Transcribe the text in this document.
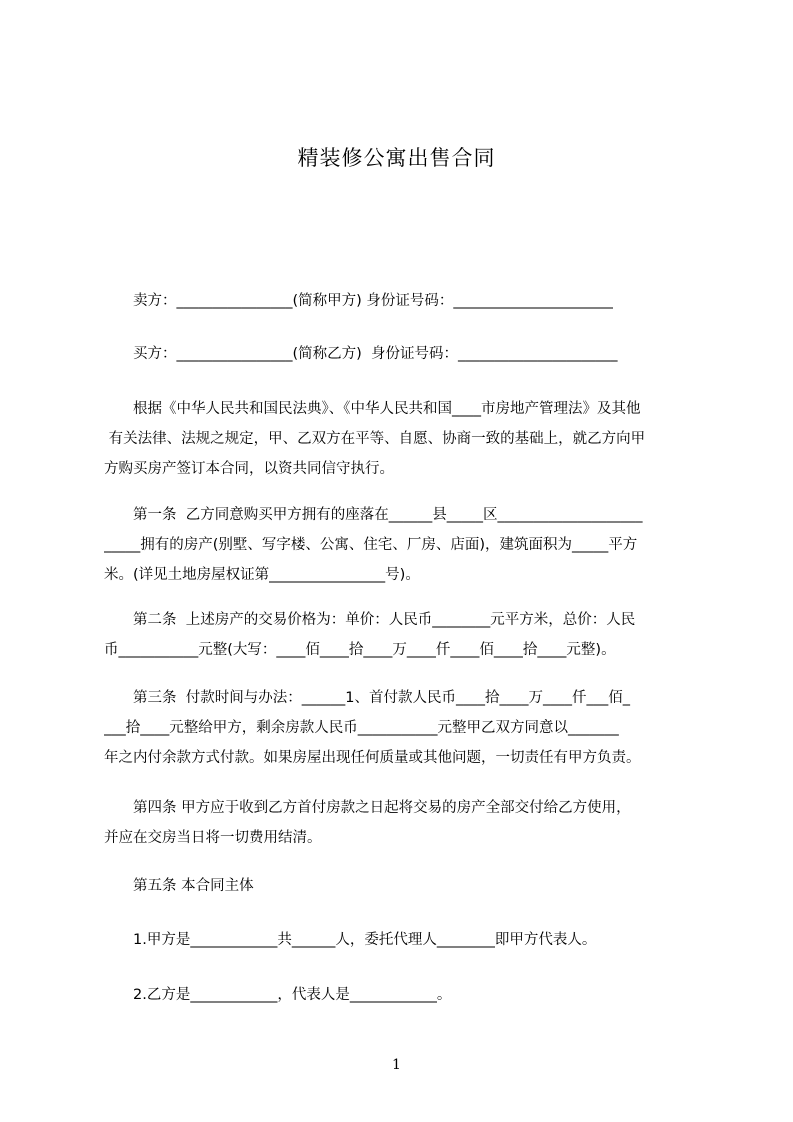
精装修公寓出售合同

　　卖方：________________(简称甲方) 身份证号码：______________________

　　买方：________________(简称乙方)  身份证号码：______________________

　　根据《中华人民共和国民法典》、《中华人民共和国____市房地产管理法》及其他
有关法律、法规之规定，甲、乙双方在平等、自愿、协商一致的基础上，就乙方向甲
方购买房产签订本合同，以资共同信守执行。

　　第一条  乙方同意购买甲方拥有的座落在______县_____区____________________
_____拥有的房产(别墅、写字楼、公寓、住宅、厂房、店面)，建筑面积为_____平方
米。(详见土地房屋权证第________________号)。

　　第二条  上述房产的交易价格为：单价：人民币________元平方米，总价：人民
币___________元整(大写：____佰____拾____万____仟____佰____拾____元整)。

　　第三条  付款时间与办法：______1、首付款人民币____拾____万____仟___佰_
___拾____元整给甲方，剩余房款人民币___________元整甲乙双方同意以_______
年之内付余款方式付款。如果房屋出现任何质量或其他问题，一切责任有甲方负责。

　　第四条 甲方应于收到乙方首付房款之日起将交易的房产全部交付给乙方使用，
并应在交房当日将一切费用结清。

　　第五条 本合同主体

　　1.甲方是____________共______人，委托代理人________即甲方代表人。

　　2.乙方是____________，代表人是____________。

1
